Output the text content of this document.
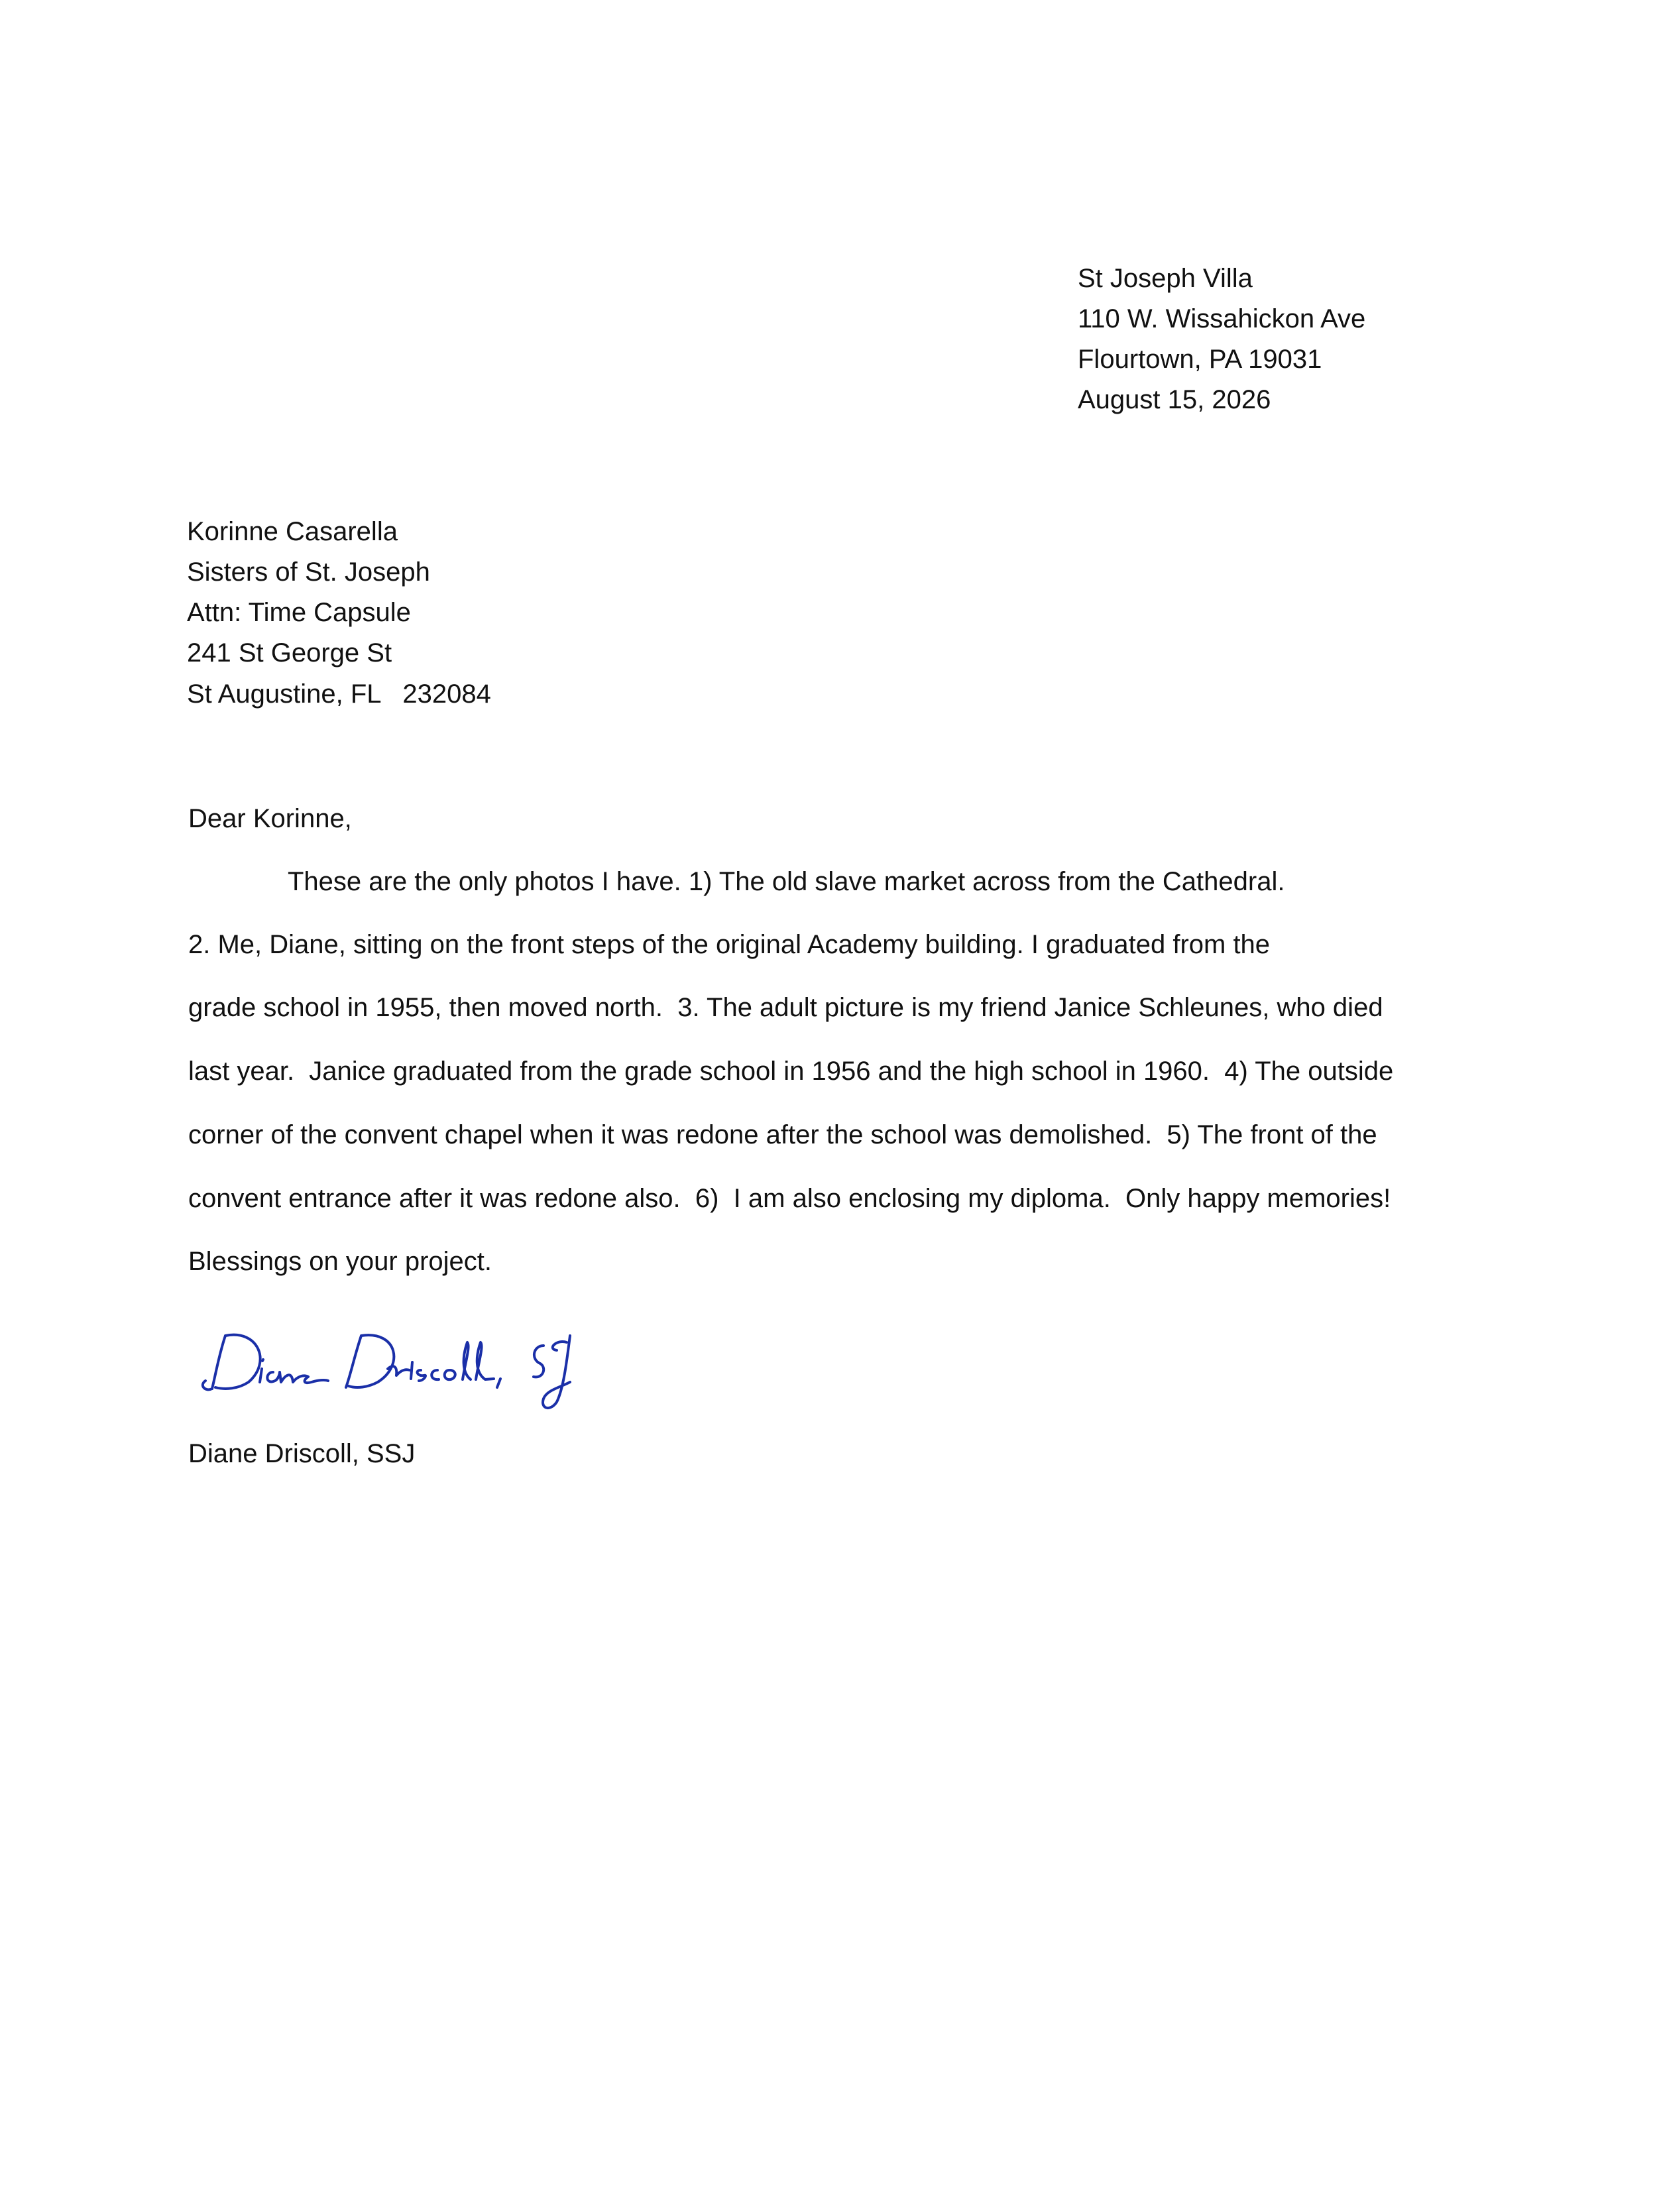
St Joseph Villa
110 W. Wissahickon Ave
Flourtown, PA 19031
August 15, 2026
Korinne Casarella
Sisters of St. Joseph
Attn: Time Capsule
241 St George St
St Augustine, FL   232084
Dear Korinne,
These are the only photos I have. 1) The old slave market across from the Cathedral.
2. Me, Diane, sitting on the front steps of the original Academy building. I graduated from the
grade school in 1955, then moved north.  3. The adult picture is my friend Janice Schleunes, who died
last year.  Janice graduated from the grade school in 1956 and the high school in 1960.  4) The outside
corner of the convent chapel when it was redone after the school was demolished.  5) The front of the
convent entrance after it was redone also.  6)  I am also enclosing my diploma.  Only happy memories!
Blessings on your project.
Diane Driscoll, SSJ
